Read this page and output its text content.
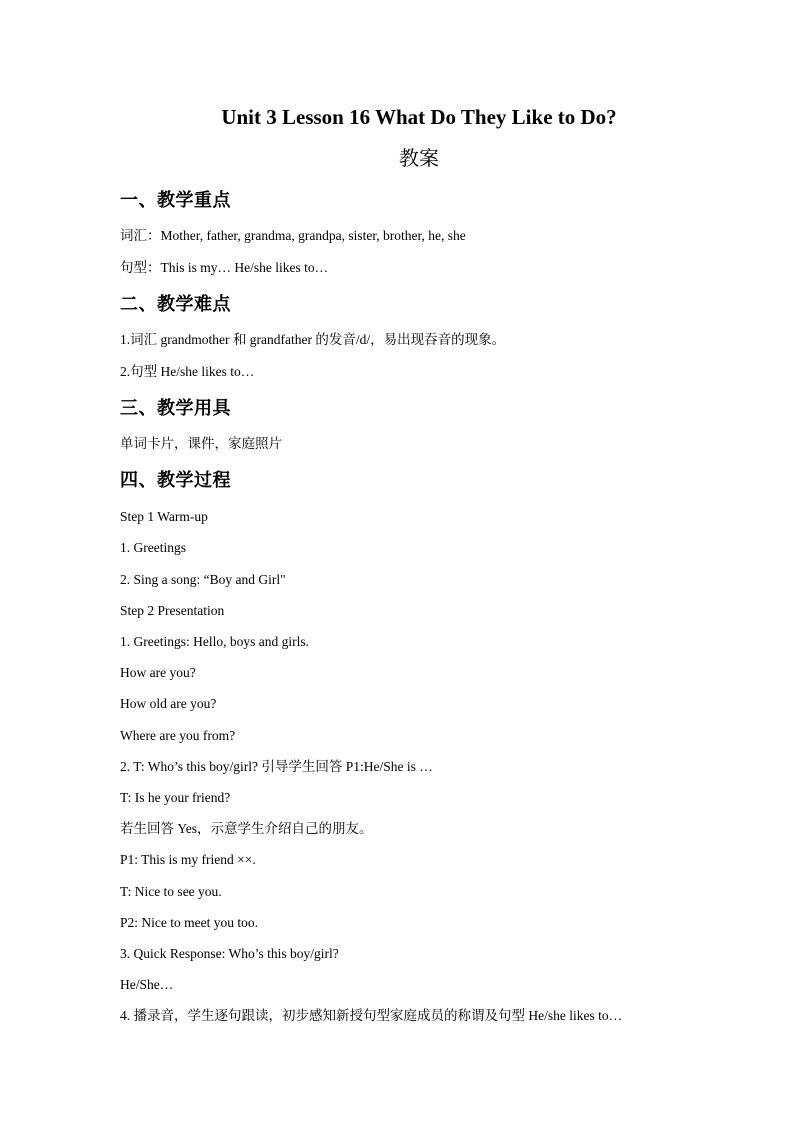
Unit 3 Lesson 16 What Do They Like to Do?
教案
一、教学重点
词汇：Mother, father, grandma, grandpa, sister, brother, he, she
句型：This is my… He/she likes to…
二、教学难点
1.词汇 grandmother 和 grandfather 的发音/d/，易出现吞音的现象。
2.句型 He/she likes to…
三、教学用具
单词卡片，课件，家庭照片
四、教学过程
Step 1 Warm-up
1. Greetings
2. Sing a song: “Boy and Girl"
Step 2 Presentation
1. Greetings: Hello, boys and girls.
How are you?
How old are you?
Where are you from?
2. T: Who’s this boy/girl? 引导学生回答 P1:He/She is …
T: Is he your friend?
若生回答 Yes，示意学生介绍自己的朋友。
P1: This is my friend ××.
T: Nice to see you.
P2: Nice to meet you too.
3. Quick Response: Who’s this boy/girl?
He/She…
4. 播录音，学生逐句跟读，初步感知新授句型家庭成员的称谓及句型 He/she likes to…
